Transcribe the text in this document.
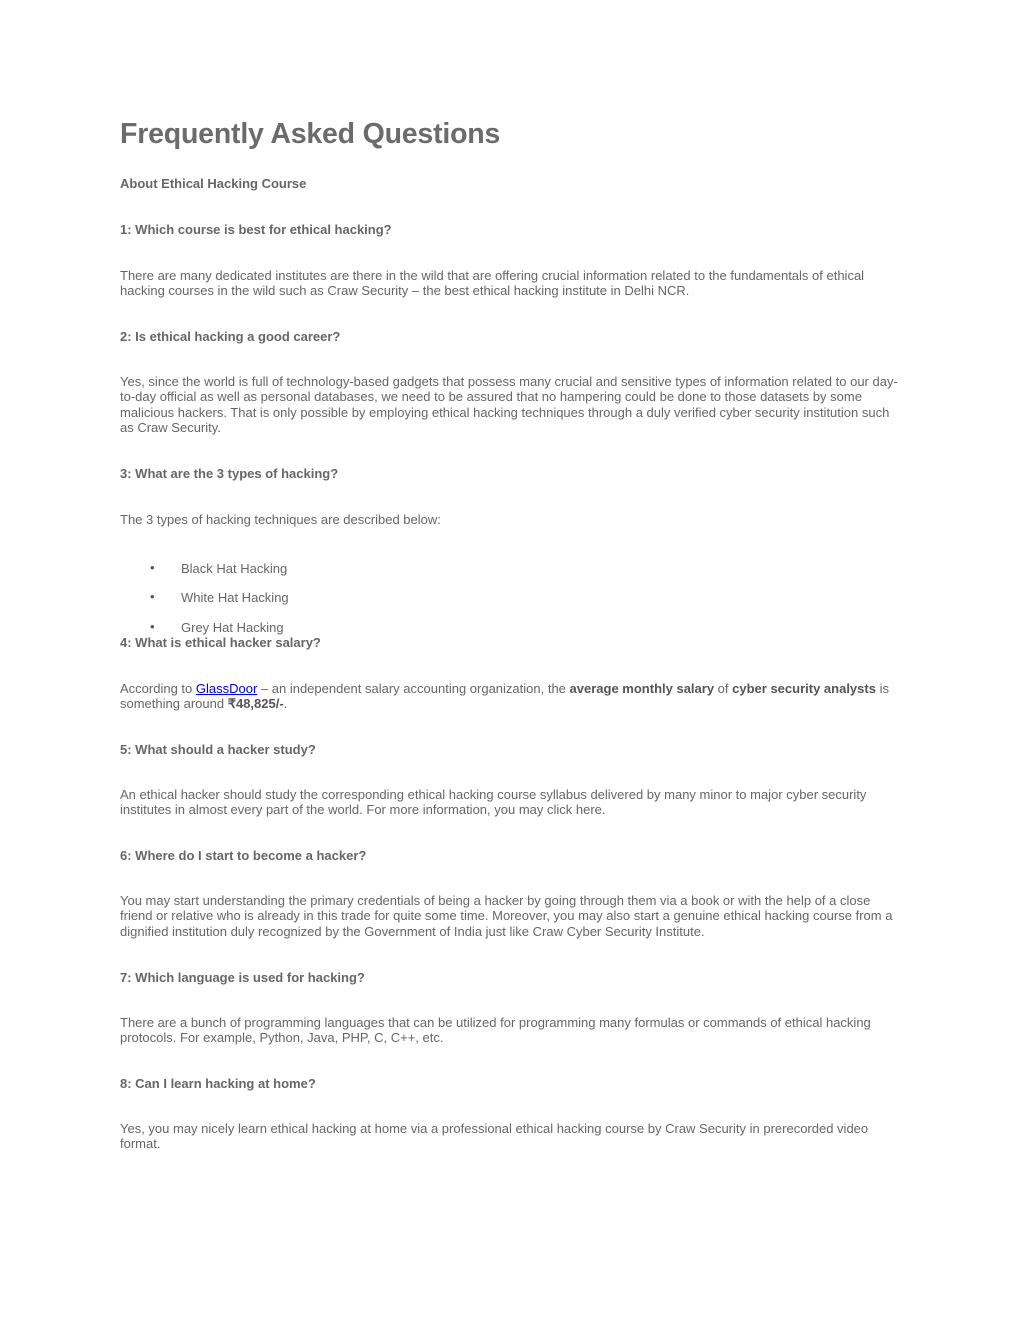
Frequently Asked Questions
About Ethical Hacking Course
1: Which course is best for ethical hacking?
There are many dedicated institutes are there in the wild that are offering crucial information related to the fundamentals of ethical hacking courses in the wild such as Craw Security – the best ethical hacking institute in Delhi NCR.
2: Is ethical hacking a good career?
Yes, since the world is full of technology-based gadgets that possess many crucial and sensitive types of information related to our day-to-day official as well as personal databases, we need to be assured that no hampering could be done to those datasets by some malicious hackers. That is only possible by employing ethical hacking techniques through a duly verified cyber security institution such as Craw Security.
3: What are the 3 types of hacking?
The 3 types of hacking techniques are described below:
• Black Hat Hacking
• White Hat Hacking
• Grey Hat Hacking
4: What is ethical hacker salary?
According to GlassDoor – an independent salary accounting organization, the average monthly salary of cyber security analysts is something around ₹48,825/-.
5: What should a hacker study?
An ethical hacker should study the corresponding ethical hacking course syllabus delivered by many minor to major cyber security institutes in almost every part of the world. For more information, you may click here.
6: Where do I start to become a hacker?
You may start understanding the primary credentials of being a hacker by going through them via a book or with the help of a close friend or relative who is already in this trade for quite some time. Moreover, you may also start a genuine ethical hacking course from a dignified institution duly recognized by the Government of India just like Craw Cyber Security Institute.
7: Which language is used for hacking?
There are a bunch of programming languages that can be utilized for programming many formulas or commands of ethical hacking protocols. For example, Python, Java, PHP, C, C++, etc.
8: Can I learn hacking at home?
Yes, you may nicely learn ethical hacking at home via a professional ethical hacking course by Craw Security in prerecorded video format.
